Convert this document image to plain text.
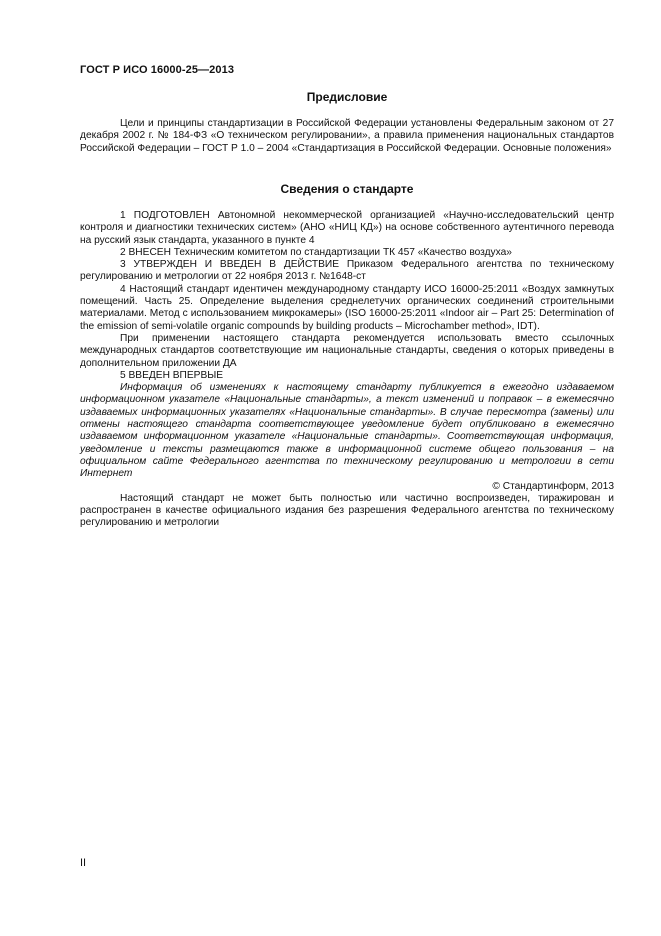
ГОСТ Р ИСО 16000-25—2013
Предисловие

Цели и принципы стандартизации в Российской Федерации установлены Федеральным законом от 27 декабря 2002 г. № 184-ФЗ «О техническом регулировании», а правила применения национальных стандартов Российской Федерации – ГОСТ Р 1.0 – 2004 «Стандартизация в Российской Федерации. Основные положения»

Сведения о стандарте

1 ПОДГОТОВЛЕН Автономной некоммерческой организацией «Научно-исследовательский центр контроля и диагностики технических систем» (АНО «НИЦ КД») на основе собственного аутентичного перевода на русский язык стандарта, указанного в пункте 4

2 ВНЕСЕН Техническим комитетом по стандартизации ТК 457 «Качество воздуха»

3 УТВЕРЖДЕН И ВВЕДЕН В ДЕЙСТВИЕ Приказом Федерального агентства по техническому регулированию и метрологии от 22 ноября 2013 г. №1648-ст

4 Настоящий стандарт идентичен международному стандарту ИСО 16000-25:2011 «Воздух замкнутых помещений. Часть 25. Определение выделения среднелетучих органических соединений строительными материалами. Метод с использованием микрокамеры» (ISO 16000-25:2011 «Indoor air – Part 25: Determination of the emission of semi-volatile organic compounds by building products – Microchamber method», IDT).

При применении настоящего стандарта рекомендуется использовать вместо ссылочных международных стандартов соответствующие им национальные стандарты, сведения о которых приведены в дополнительном приложении ДА

5 ВВЕДЕН ВПЕРВЫЕ

Информация об изменениях к настоящему стандарту публикуется в ежегодно издаваемом информационном указателе «Национальные стандарты», а текст изменений и поправок – в ежемесячно издаваемых информационных указателях «Национальные стандарты». В случае пересмотра (замены) или отмены настоящего стандарта соответствующее уведомление будет опубликовано в ежемесячно издаваемом информационном указателе «Национальные стандарты». Соответствующая информация, уведомление и тексты размещаются также в информационной системе общего пользования – на официальном сайте Федерального агентства по техническому регулированию и метрологии в сети Интернет

© Стандартинформ, 2013

Настоящий стандарт не может быть полностью или частично воспроизведен, тиражирован и распространен в качестве официального издания без разрешения Федерального агентства по техническому регулированию и метрологии

II
